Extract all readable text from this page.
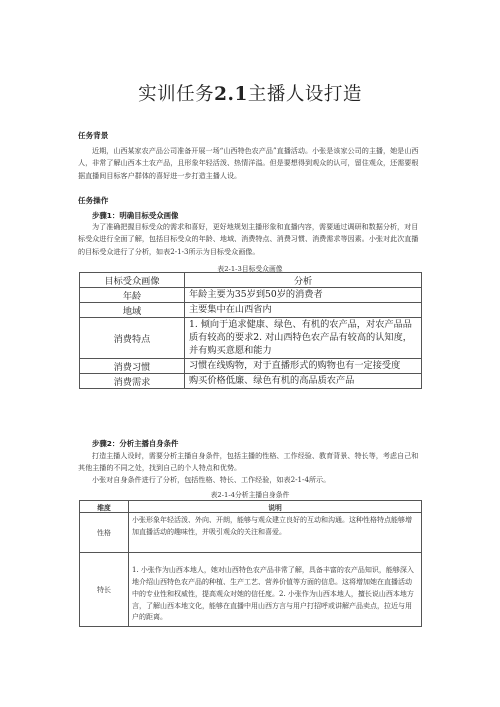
实训任务2.1主播人设打造
任务背景
近期，山西某家农产品公司准备开展一场“山西特色农产品”直播活动。小张是该家公司的主播，她是山西人，非常了解山西本土农产品，且形象年轻活泼、热情洋溢。但是要想得到观众的认可，留住观众，还需要根据直播间目标客户群体的喜好进一步打造主播人设。
任务操作
步骤1：明确目标受众画像
为了准确把握目标受众的需求和喜好，更好地规划主播形象和直播内容，需要通过调研和数据分析，对目标受众进行全面了解，包括目标受众的年龄、地域、消费特点、消费习惯、消费需求等因素。小张对此次直播的目标受众进行了分析，如表2-1-3所示为目标受众画像。
表2-1-3目标受众画像
目标受众画像	分析
年龄	年龄主要为35岁到50岁的消费者
地域	主要集中在山西省内
消费特点	1. 倾向于追求健康、绿色、有机的农产品，对农产品品质有较高的要求2. 对山西特色农产品有较高的认知度，并有购买意愿和能力
消费习惯	习惯在线购物，对于直播形式的购物也有一定接受度
消费需求	购买价格低廉、绿色有机的高品质农产品
步骤2：分析主播自身条件
打造主播人设时，需要分析主播自身条件，包括主播的性格、工作经验、教育背景、特长等，考虑自己和其他主播的不同之处，找到自己的个人特点和优势。
表2-1-4分析主播自身条件
维度	说明
性格	小张形象年轻活泼、外向、开朗，能够与观众建立良好的互动和沟通。这种性格特点能够增加直播活动的趣味性，并吸引观众的关注和喜爱。
特长	1. 小张作为山西本地人，她对山西特色农产品非常了解，具备丰富的农产品知识，能够深入地介绍山西特色农产品的种植、生产工艺、营养价值等方面的信息。这将增加她在直播活动中的专业性和权威性，提高观众对她的信任度。2. 小张作为山西本地人，擅长说山西本地方言，了解山西本地文化，能够在直播中用山西方言与用户打招呼或讲解产品卖点，拉近与用户的距离。
小张对自身条件进行了分析，包括性格、特长、工作经验，如表2-1-4所示。
